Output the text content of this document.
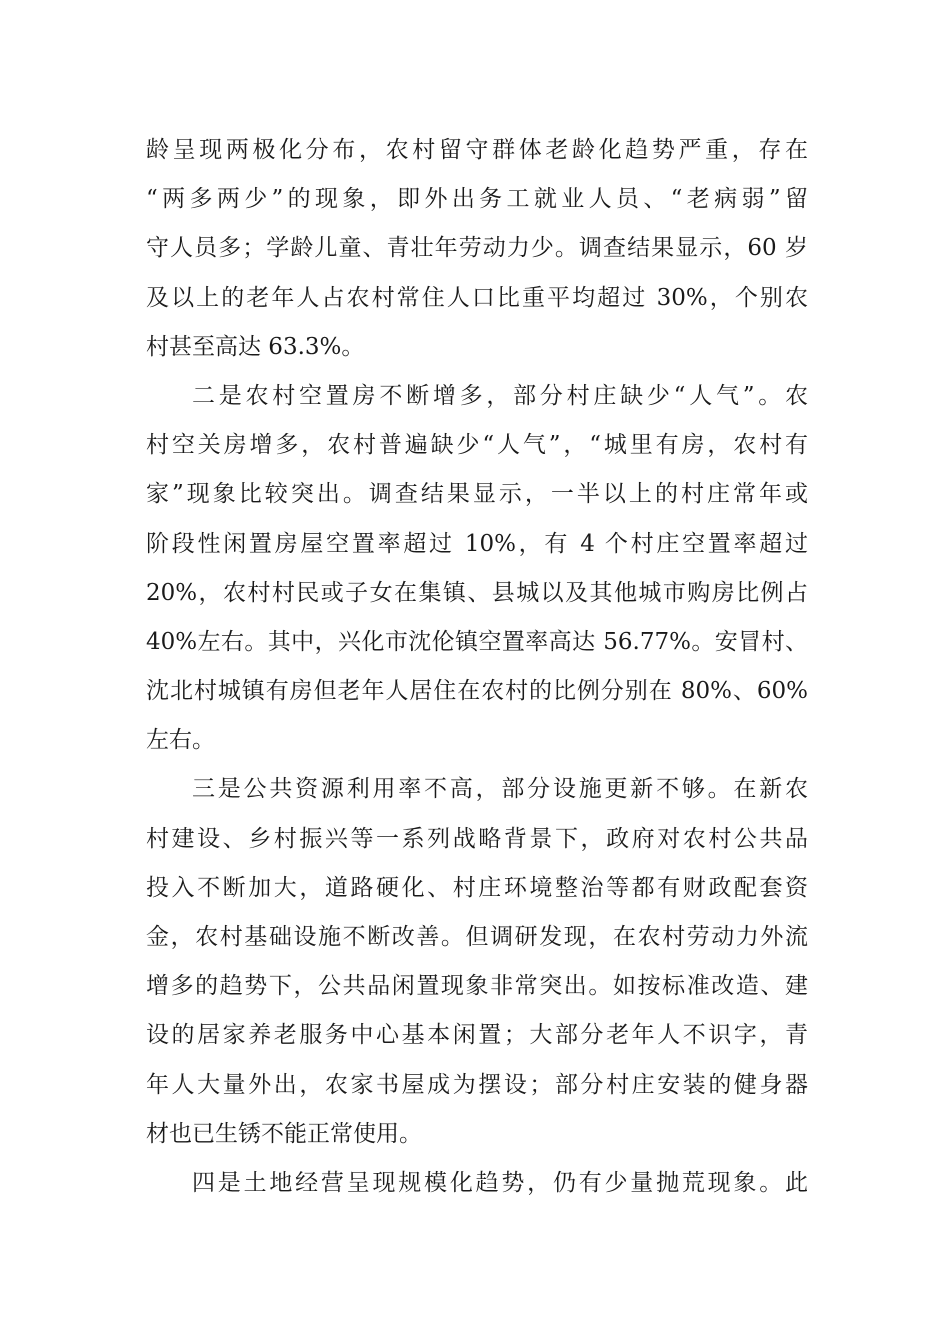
龄呈现两极化分布，农村留守群体老龄化趋势严重，存在
“两多两少”的现象，即外出务工就业人员、“老病弱”留
守人员多；学龄儿童、青壮年劳动力少。调查结果显示，60 岁
及以上的老年人占农村常住人口比重平均超过 30%，个别农
村甚至高达 63.3%。
二是农村空置房不断增多，部分村庄缺少“人气”。农
村空关房增多，农村普遍缺少“人气”，“城里有房，农村有
家”现象比较突出。调查结果显示，一半以上的村庄常年或
阶段性闲置房屋空置率超过 10%，有 4 个村庄空置率超过
20%，农村村民或子女在集镇、县城以及其他城市购房比例占
40%左右。其中，兴化市沈伦镇空置率高达 56.77%。安冒村、
沈北村城镇有房但老年人居住在农村的比例分别在 80%、60%
左右。
三是公共资源利用率不高，部分设施更新不够。在新农
村建设、乡村振兴等一系列战略背景下，政府对农村公共品
投入不断加大，道路硬化、村庄环境整治等都有财政配套资
金，农村基础设施不断改善。但调研发现，在农村劳动力外流
增多的趋势下，公共品闲置现象非常突出。如按标准改造、建
设的居家养老服务中心基本闲置；大部分老年人不识字，青
年人大量外出，农家书屋成为摆设；部分村庄安装的健身器
材也已生锈不能正常使用。
四是土地经营呈现规模化趋势，仍有少量抛荒现象。此
